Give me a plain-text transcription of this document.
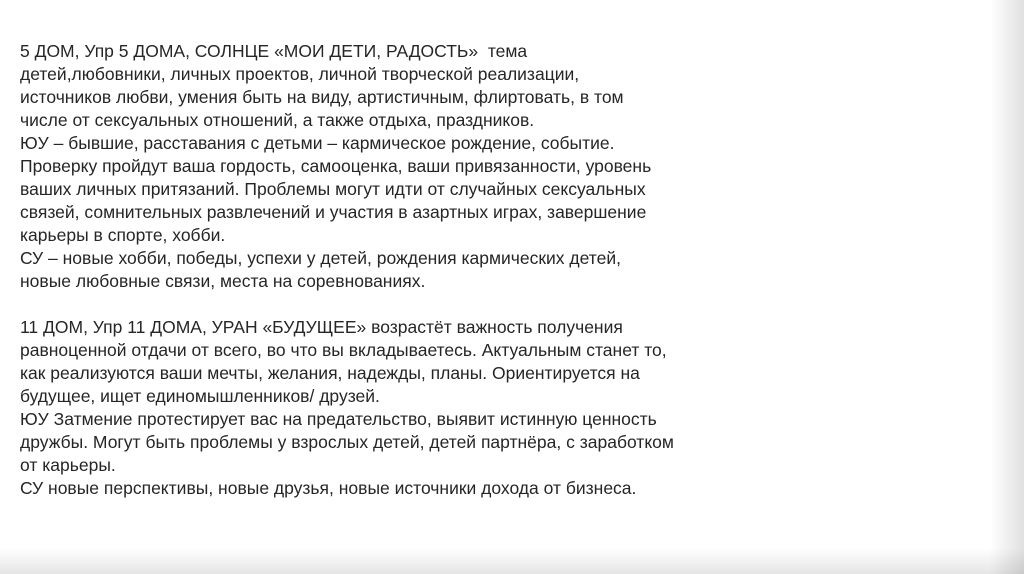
5 ДОМ, Упр 5 ДОМА, СОЛНЦЕ «МОИ ДЕТИ, РАДОСТЬ»  тема
детей,любовники, личных проектов, личной творческой реализации,
источников любви, умения быть на виду, артистичным, флиртовать, в том
числе от сексуальных отношений, а также отдыха, праздников.
ЮУ – бывшие, расставания с детьми – кармическое рождение, событие.
Проверку пройдут ваша гордость, самооценка, ваши привязанности, уровень
ваших личных притязаний. Проблемы могут идти от случайных сексуальных
связей, сомнительных развлечений и участия в азартных играх, завершение
карьеры в спорте, хобби.
СУ – новые хобби, победы, успехи у детей, рождения кармических детей,
новые любовные связи, места на соревнованиях.
11 ДОМ, Упр 11 ДОМА, УРАН «БУДУЩЕЕ» возрастёт важность получения
равноценной отдачи от всего, во что вы вкладываетесь. Актуальным станет то,
как реализуются ваши мечты, желания, надежды, планы. Ориентируется на
будущее, ищет единомышленников/ друзей.
ЮУ Затмение протестирует вас на предательство, выявит истинную ценность
дружбы. Могут быть проблемы у взрослых детей, детей партнёра, с заработком
от карьеры.
СУ новые перспективы, новые друзья, новые источники дохода от бизнеса.
